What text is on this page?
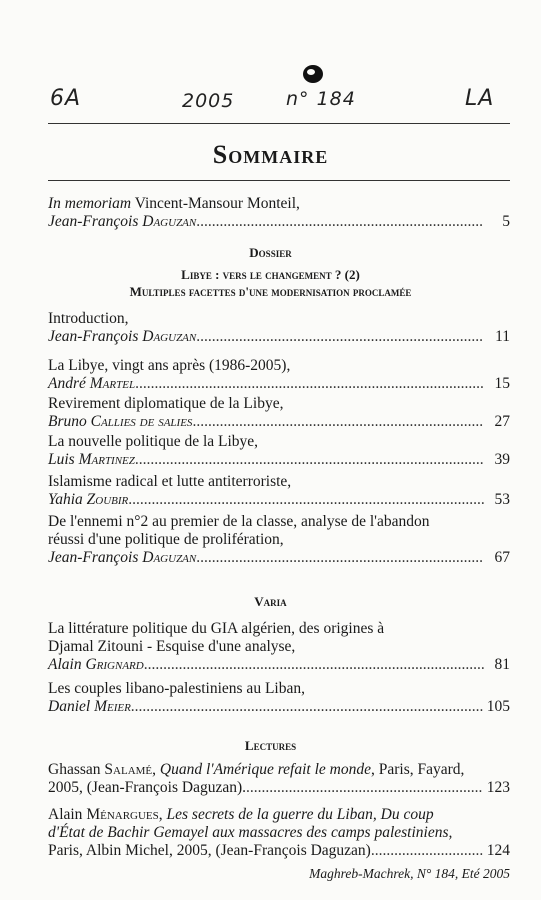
6A	2005	n° 184	LA
Sommaire
In memoriam Vincent-Mansour Monteil,
Jean-François Daguzan .....	5
Dossier
Libye : vers le changement ? (2)
Multiples facettes d'une modernisation proclamée
Introduction,
Jean-François Daguzan .....	11
La Libye, vingt ans après (1986-2005),
André Martel .....	15
Revirement diplomatique de la Libye,
Bruno Callies de salies .....	27
La nouvelle politique de la Libye,
Luis Martinez .....	39
Islamisme radical et lutte antiterroriste,
Yahia Zoubir .....	53
De l'ennemi n°2 au premier de la classe, analyse de l'abandon
réussi d'une politique de prolifération,
Jean-François Daguzan .....	67
Varia
La littérature politique du GIA algérien, des origines à
Djamal Zitouni - Esquise d'une analyse,
Alain Grignard .....	81
Les couples libano-palestiniens au Liban,
Daniel Meier .....	105
Lectures
Ghassan Salamé, Quand l'Amérique refait le monde, Paris, Fayard,
2005, (Jean-François Daguzan). .....	123
Alain Ménargues, Les secrets de la guerre du Liban, Du coup
d'État de Bachir Gemayel aux massacres des camps palestiniens,
Paris, Albin Michel, 2005, (Jean-François Daguzan) .....	124
Maghreb-Machrek, N° 184, Eté 2005
